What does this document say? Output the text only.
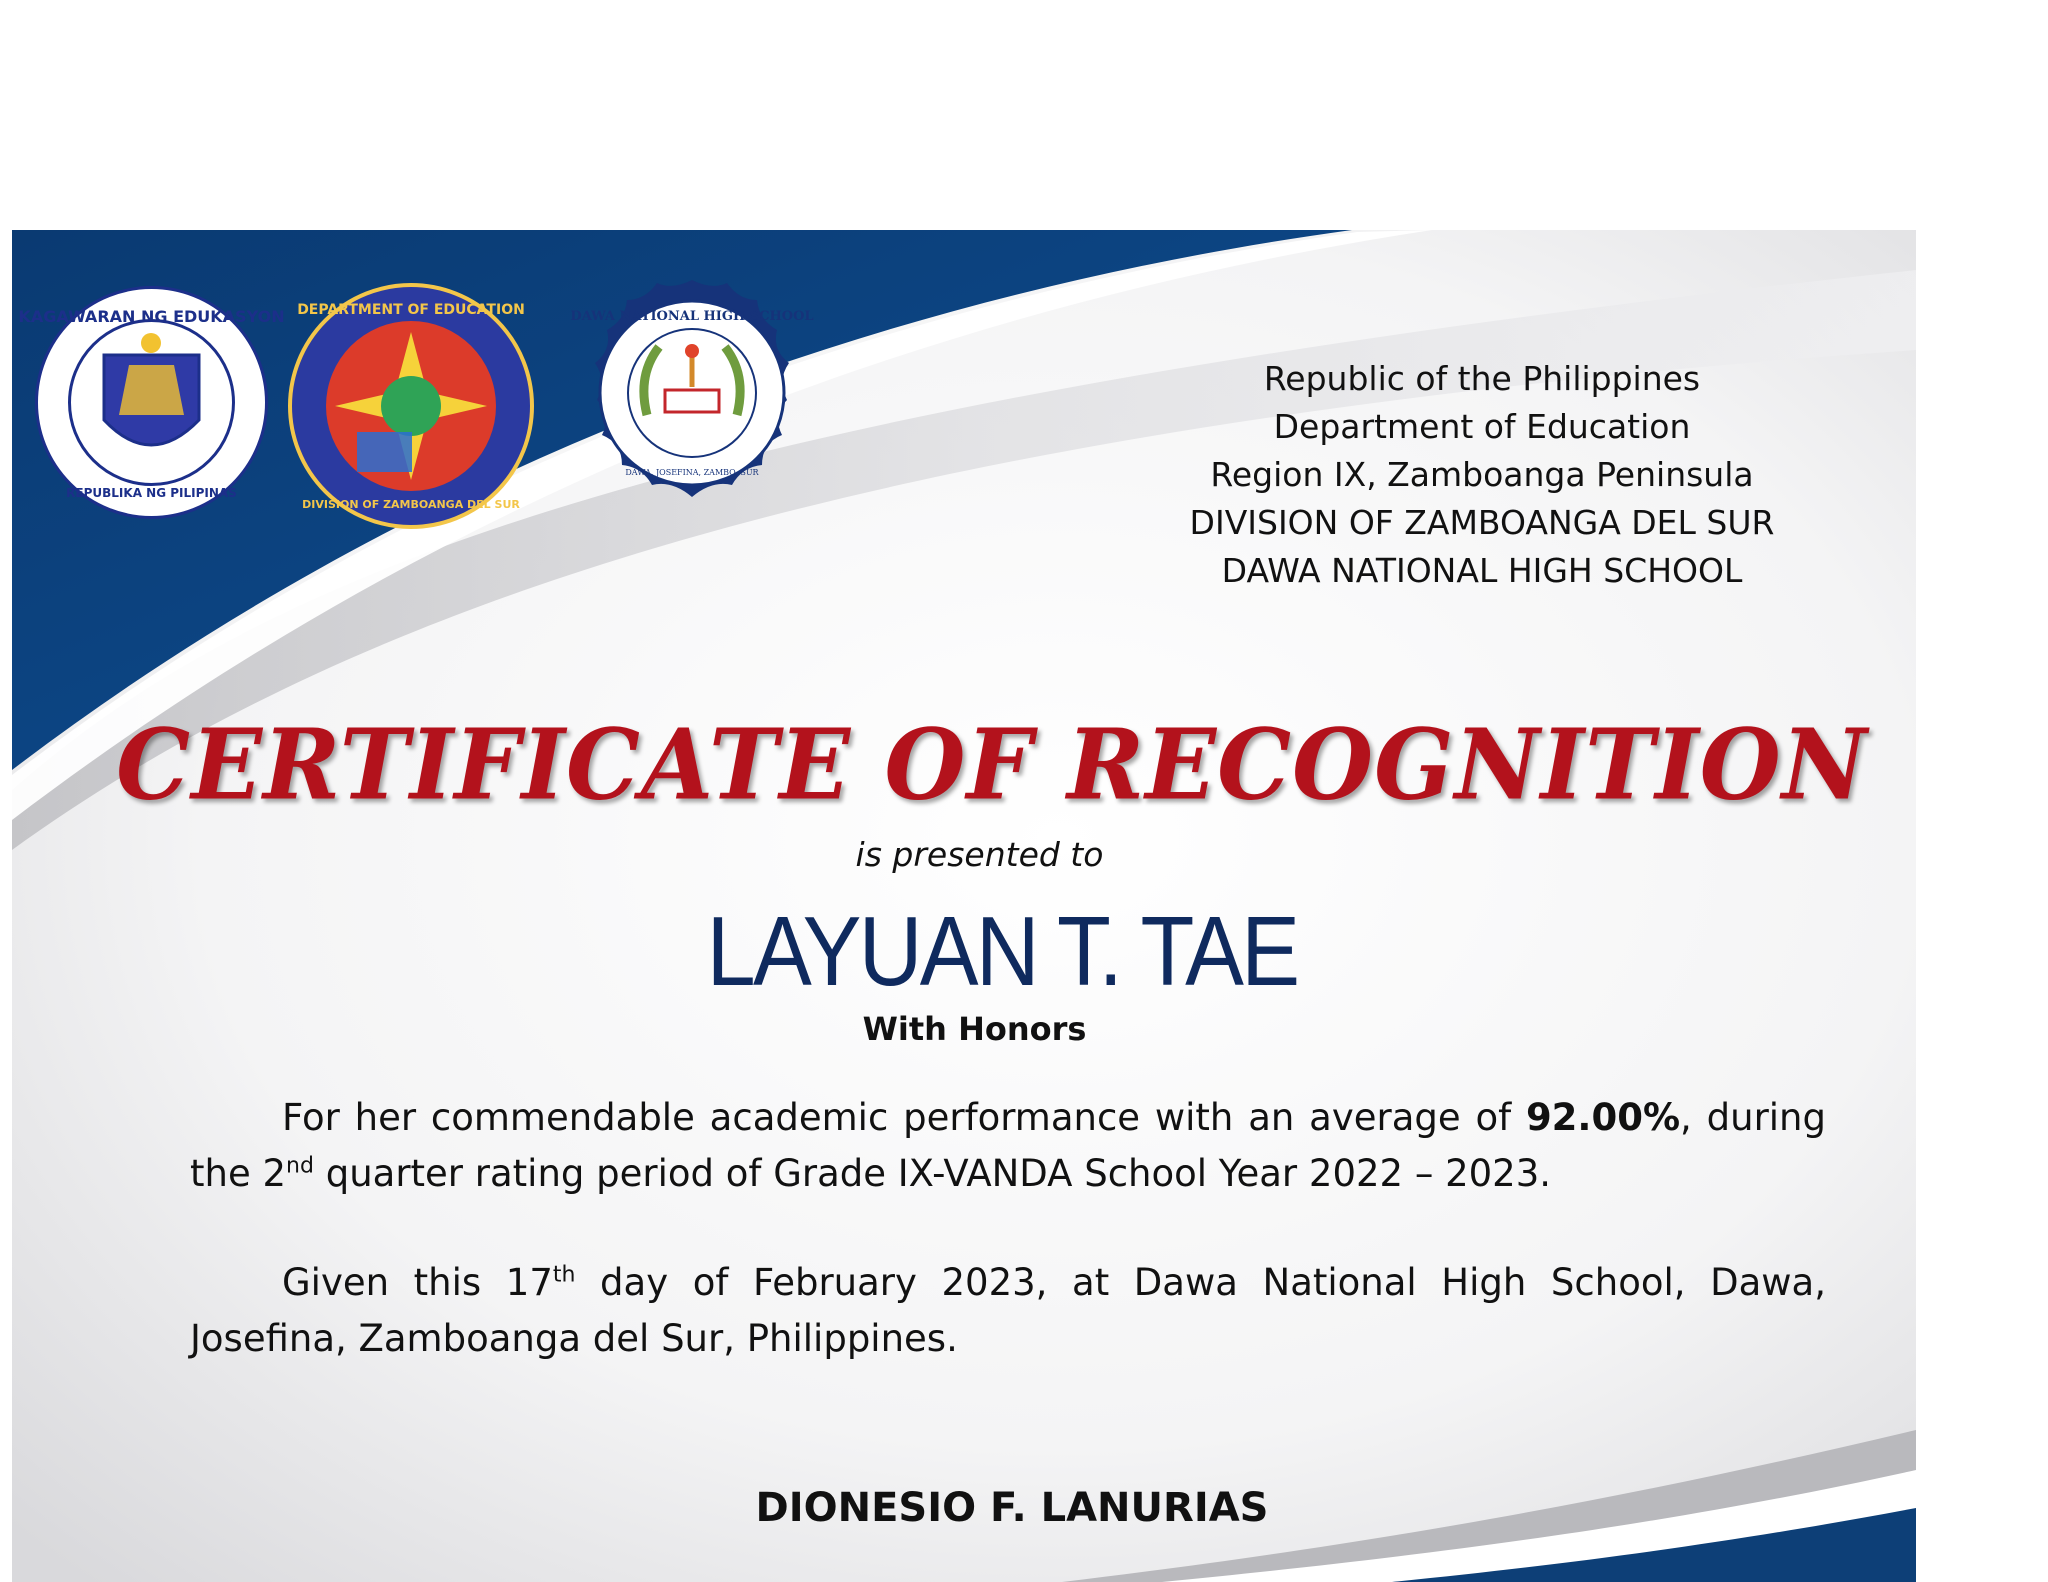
KAGAWARAN NG EDUKASYON
REPUBLIKA NG PILIPINAS
DEPARTMENT OF EDUCATION
DIVISION OF ZAMBOANGA DEL SUR
DAWA NATIONAL HIGH SCHOOL
DAWA, JOSEFINA, ZAMBO. SUR
Republic of the Philippines
Department of Education
Region IX, Zamboanga Peninsula
DIVISION OF ZAMBOANGA DEL SUR
DAWA NATIONAL HIGH SCHOOL
CERTIFICATE OF RECOGNITION
is presented to
LAYUAN T. TAE
With Honors
For her commendable academic performance with an average of 92.00%, during the 2nd quarter rating period of Grade IX-VANDA School Year 2022 – 2023.
Given this 17th day of February 2023, at Dawa National High School, Dawa, Josefina, Zamboanga del Sur, Philippines.
DIONESIO F. LANURIAS
